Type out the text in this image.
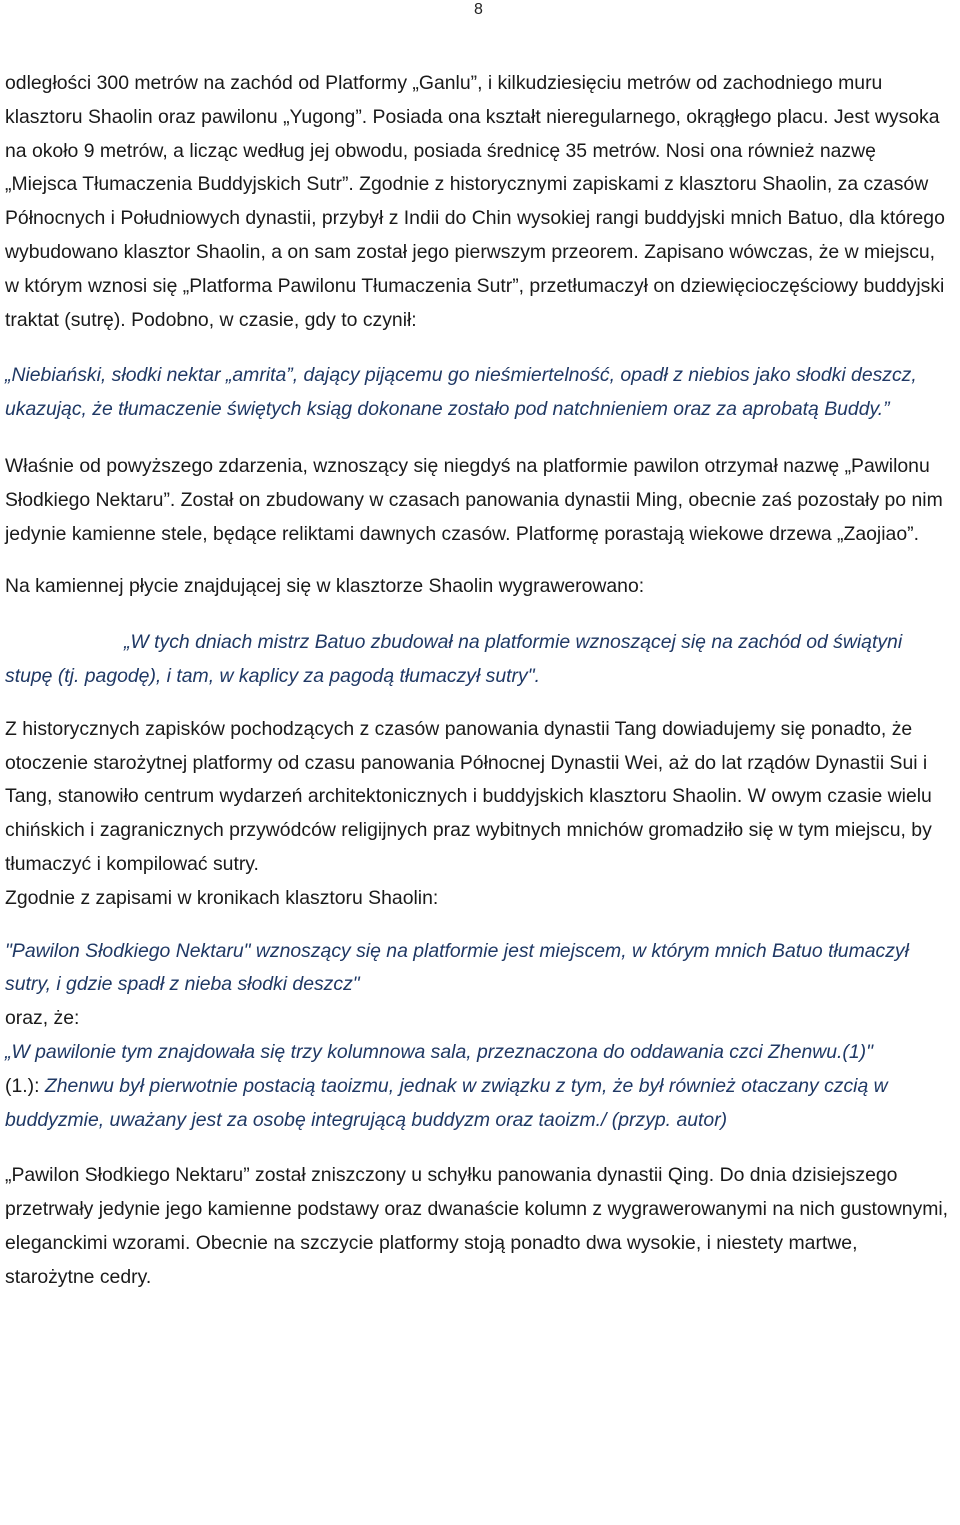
8

odległości 300 metrów na zachód od Platformy „Ganlu”, i kilkudziesięciu metrów od zachodniego muru klasztoru Shaolin oraz pawilonu „Yugong”. Posiada ona kształt nieregularnego, okrągłego placu. Jest wysoka na około 9 metrów, a licząc według jej obwodu, posiada średnicę 35 metrów. Nosi ona również nazwę „Miejsca Tłumaczenia Buddyjskich Sutr”. Zgodnie z historycznymi zapiskami z klasztoru Shaolin, za czasów Północnych i Południowych dynastii, przybył z Indii do Chin wysokiej rangi buddyjski mnich Batuo, dla którego wybudowano klasztor Shaolin, a on sam został jego pierwszym przeorem. Zapisano wówczas, że w miejscu, w którym wznosi się „Platforma Pawilonu Tłumaczenia Sutr”, przetłumaczył on dziewięcioczęściowy buddyjski traktat (sutrę). Podobno, w czasie, gdy to czynił:

„Niebiański, słodki nektar „amrita”, dający pijącemu go nieśmiertelność, opadł z niebios jako słodki deszcz, ukazując, że tłumaczenie świętych ksiąg dokonane zostało pod natchnieniem oraz za aprobatą Buddy.”

Właśnie od powyższego zdarzenia, wznoszący się niegdyś na platformie pawilon otrzymał nazwę „Pawilonu Słodkiego Nektaru”. Został on zbudowany w czasach panowania dynastii Ming, obecnie zaś pozostały po nim jedynie kamienne stele, będące reliktami dawnych czasów. Platformę porastają wiekowe drzewa „Zaojiao”.

Na kamiennej płycie znajdującej się w klasztorze Shaolin wygrawerowano:

„W tych dniach mistrz Batuo zbudował na platformie wznoszącej się na zachód od świątyni stupę (tj. pagodę), i tam, w kaplicy za pagodą tłumaczył sutry".

Z historycznych zapisków pochodzących z czasów panowania dynastii Tang dowiadujemy się ponadto, że otoczenie starożytnej platformy od czasu panowania Północnej Dynastii Wei, aż do lat rządów Dynastii Sui i Tang, stanowiło centrum wydarzeń architektonicznych i buddyjskich klasztoru Shaolin. W owym czasie wielu chińskich i zagranicznych przywódców religijnych praz wybitnych mnichów gromadziło się w tym miejscu, by tłumaczyć i kompilować sutry.

Zgodnie z zapisami w kronikach klasztoru Shaolin:

"Pawilon Słodkiego Nektaru" wznoszący się na platformie jest miejscem, w którym mnich Batuo tłumaczył sutry, i gdzie spadł z nieba słodki deszcz"

oraz, że:

„W pawilonie tym znajdowała się trzy kolumnowa sala, przeznaczona do oddawania czci Zhenwu.(1)"

(1.): Zhenwu był pierwotnie postacią taoizmu, jednak w związku z tym, że był również otaczany czcią w buddyzmie, uważany jest za osobę integrującą buddyzm oraz taoizm./ (przyp. autor)

„Pawilon Słodkiego Nektaru” został zniszczony u schyłku panowania dynastii Qing. Do dnia dzisiejszego przetrwały jedynie jego kamienne podstawy oraz dwanaście kolumn z wygrawerowanymi na nich gustownymi, eleganckimi wzorami. Obecnie na szczycie platformy stoją ponadto dwa wysokie, i niestety martwe, starożytne cedry.
